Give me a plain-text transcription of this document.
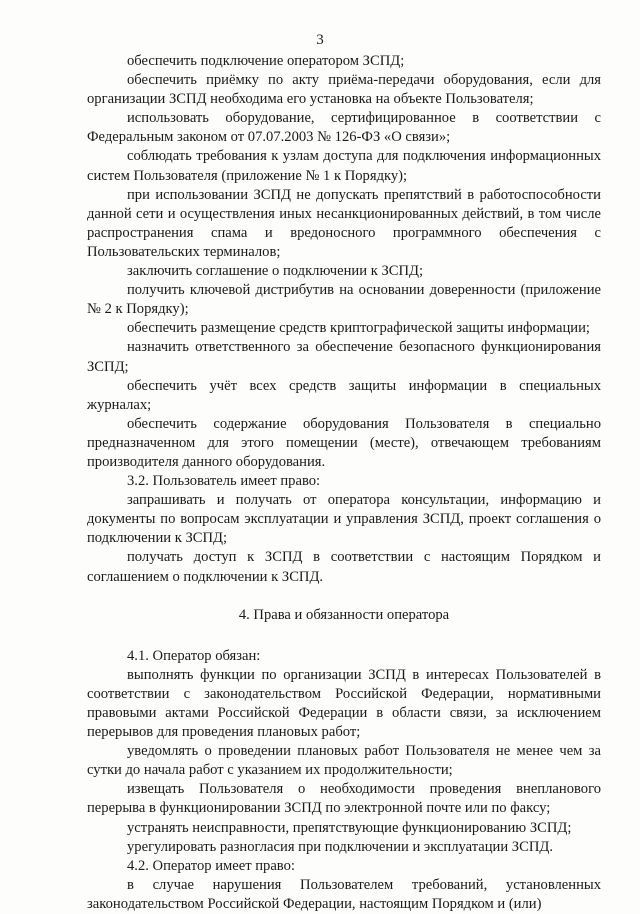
3

обеспечить подключение оператором ЗСПД;

обеспечить приёмку по акту приёма-передачи оборудования, если для организации ЗСПД необходима его установка на объекте Пользователя;

использовать оборудование, сертифицированное в соответствии с Федеральным законом от 07.07.2003 № 126-ФЗ «О связи»;

соблюдать требования к узлам доступа для подключения информационных систем Пользователя (приложение № 1 к Порядку);

при использовании ЗСПД не допускать препятствий в работоспособности данной сети и осуществления иных несанкционированных действий, в том числе распространения спама и вредоносного программного обеспечения с Пользовательских терминалов;

заключить соглашение о подключении к ЗСПД;

получить ключевой дистрибутив на основании доверенности (приложение № 2 к Порядку);

обеспечить размещение средств криптографической защиты информации;

назначить ответственного за обеспечение безопасного функционирования ЗСПД;

обеспечить учёт всех средств защиты информации в специальных журналах;

обеспечить содержание оборудования Пользователя в специально предназначенном для этого помещении (месте), отвечающем требованиям производителя данного оборудования.

3.2. Пользователь имеет право:

запрашивать и получать от оператора консультации, информацию и документы по вопросам эксплуатации и управления ЗСПД, проект соглашения о подключении к ЗСПД;

получать доступ к ЗСПД в соответствии с настоящим Порядком и соглашением о подключении к ЗСПД.

4. Права и обязанности оператора

4.1. Оператор обязан:

выполнять функции по организации ЗСПД в интересах Пользователей в соответствии с законодательством Российской Федерации, нормативными правовыми актами Российской Федерации в области связи, за исключением перерывов для проведения плановых работ;

уведомлять о проведении плановых работ Пользователя не менее чем за сутки до начала работ с указанием их продолжительности;

извещать Пользователя о необходимости проведения внепланового перерыва в функционировании ЗСПД по электронной почте или по факсу;

устранять неисправности, препятствующие функционированию ЗСПД;

урегулировать разногласия при подключении и эксплуатации ЗСПД.

4.2. Оператор имеет право:

в случае нарушения Пользователем требований, установленных законодательством Российской Федерации, настоящим Порядком и (или)
